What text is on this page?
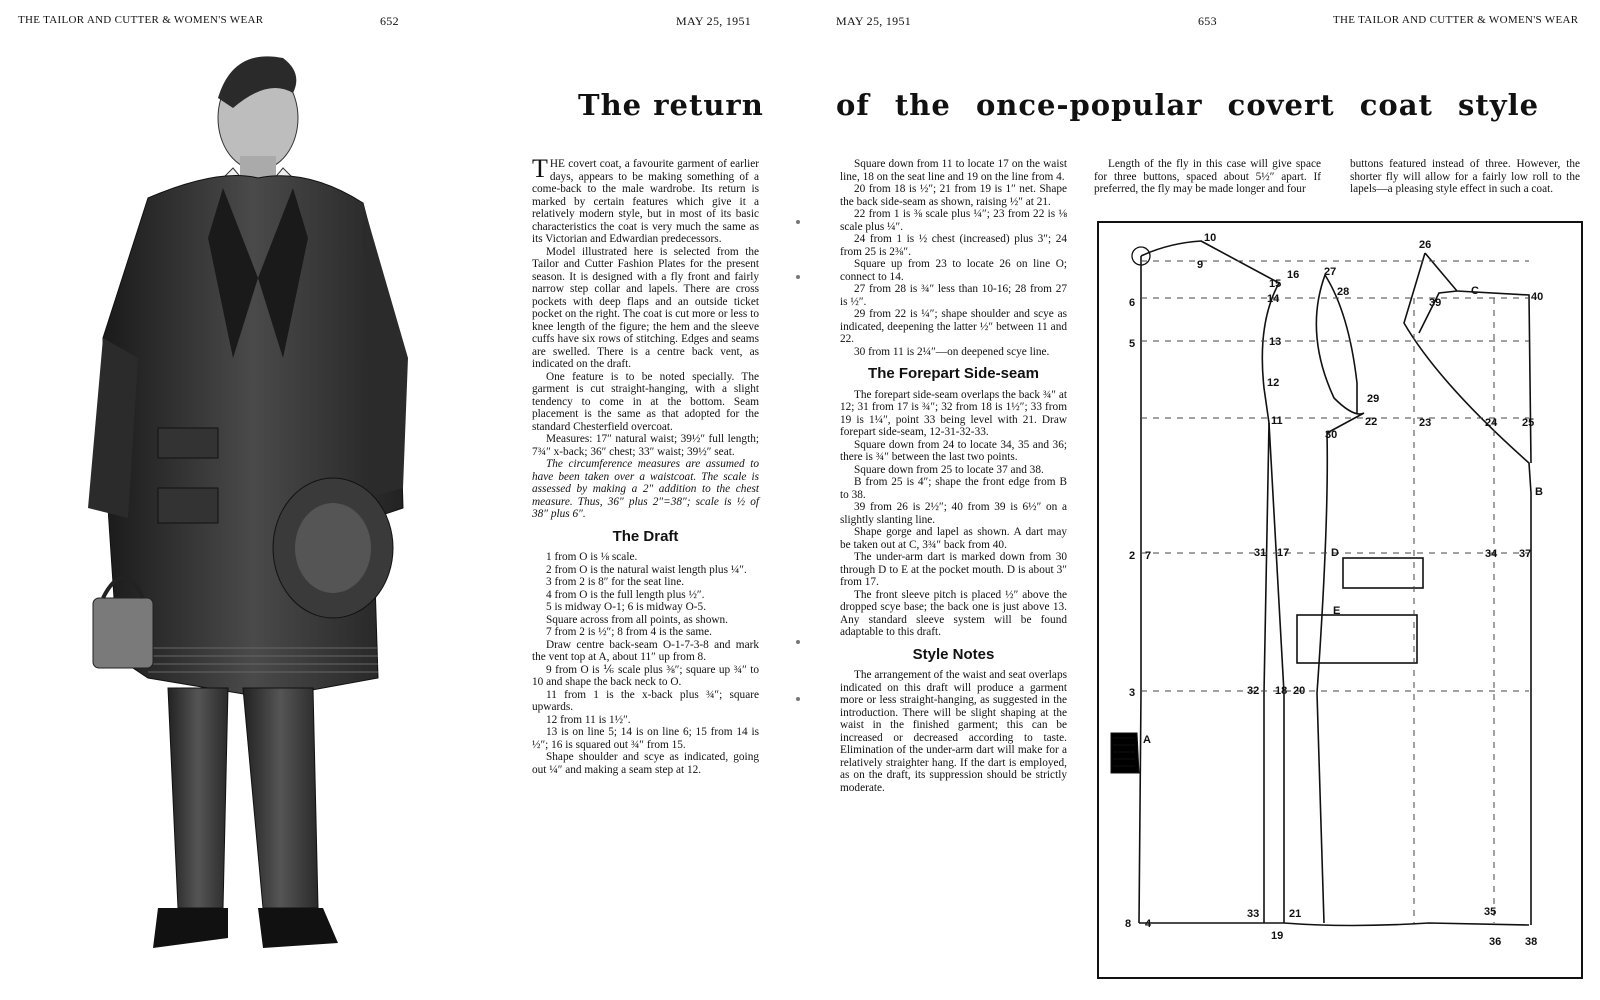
THE TAILOR AND CUTTER & WOMEN'S WEAR	652	MAY 25, 1951	MAY 25, 1951	653	THE TAILOR AND CUTTER & WOMEN'S WEAR
The return of the once-popular covert coat style

THE covert coat, a favourite garment of earlier days, appears to be making something of a come-back to the male wardrobe. Its return is marked by certain features which give it a relatively modern style, but in most of its basic characteristics the coat is very much the same as its Victorian and Edwardian predecessors.

Model illustrated here is selected from the Tailor and Cutter Fashion Plates for the present season. It is designed with a fly front and fairly narrow step collar and lapels. There are cross pockets with deep flaps and an outside ticket pocket on the right. The coat is cut more or less to knee length of the figure; the hem and the sleeve cuffs have six rows of stitching. Edges and seams are swelled. There is a centre back vent, as indicated on the draft.

One feature is to be noted specially. The garment is cut straight-hanging, with a slight tendency to come in at the bottom. Seam placement is the same as that adopted for the standard Chesterfield overcoat.

Measures: 17″ natural waist; 39½″ full length; 7¾″ x-back; 36″ chest; 33″ waist; 39½″ seat.

The circumference measures are assumed to have been taken over a waistcoat. The scale is assessed by making a 2″ addition to the chest measure. Thus, 36″ plus 2″=38″; scale is ½ of 38″ plus 6″.

The Draft

1 from O is ⅛ scale.

2 from O is the natural waist length plus ¼″.

3 from 2 is 8″ for the seat line.

4 from O is the full length plus ½″.

5 is midway O-1; 6 is midway O-5.

Square across from all points, as shown.

7 from 2 is ½″; 8 from 4 is the same.

Draw centre back-seam O-1-7-3-8 and mark the vent top at A, about 11″ up from 8.

9 from O is ⅙ scale plus ⅜″; square up ¾″ to 10 and shape the back neck to O.

11 from 1 is the x-back plus ¾″; square upwards.

12 from 11 is 1½″.

13 is on line 5; 14 is on line 6; 15 from 14 is ½″; 16 is squared out ¾″ from 15.

Shape shoulder and scye as indicated, going out ¼″ and making a seam step at 12.

Square down from 11 to locate 17 on the waist line, 18 on the seat line and 19 on the line from 4.

20 from 18 is ½″; 21 from 19 is 1″ net. Shape the back side-seam as shown, raising ½″ at 21.

22 from 1 is ⅜ scale plus ¼″; 23 from 22 is ⅛ scale plus ¼″.

24 from 1 is ½ chest (increased) plus 3″; 24 from 25 is 2⅜″.

Square up from 23 to locate 26 on line O; connect to 14.

27 from 28 is ¾″ less than 10-16; 28 from 27 is ½″.

29 from 22 is ¼″; shape shoulder and scye as indicated, deepening the latter ½″ between 11 and 22.

30 from 11 is 2¼″—on deepened scye line.

The Forepart Side-seam

The forepart side-seam overlaps the back ¾″ at 12; 31 from 17 is ¾″; 32 from 18 is 1½″; 33 from 19 is 1¼″, point 33 being level with 21. Draw forepart side-seam, 12-31-32-33.

Square down from 24 to locate 34, 35 and 36; there is ¾″ between the last two points.

Square down from 25 to locate 37 and 38.

B from 25 is 4″; shape the front edge from B to 38.

39 from 26 is 2½″; 40 from 39 is 6½″ on a slightly slanting line.

Shape gorge and lapel as shown. A dart may be taken out at C, 3¾″ back from 40.

The under-arm dart is marked down from 30 through D to E at the pocket mouth. D is about 3″ from 17.

The front sleeve pitch is placed ½″ above the dropped scye base; the back one is just above 13. Any standard sleeve system will be found adaptable to this draft.

Style Notes

The arrangement of the waist and seat overlaps indicated on this draft will produce a garment more or less straight-hanging, as suggested in the introduction. There will be slight shaping at the waist in the finished garment; this can be increased or decreased according to taste. Elimination of the under-arm dart will make for a relatively straighter hang. If the dart is employed, as on the draft, its suppression should be strictly moderate.

Length of the fly in this case will give space for three buttons, spaced about 5½″ apart. If preferred, the fly may be made longer and four

buttons featured instead of three. However, the shorter fly will allow for a fairly low roll to the lapels—a pleasing style effect in such a coat.

10
9
6
5
2 7
3
A
8 4
15
16
14
13
12
11
27
28
29
22
30
31 17	D
E
32 18 20
33	21
19
26
39
C	40
23	24 25
B
34 37
35
36 38
